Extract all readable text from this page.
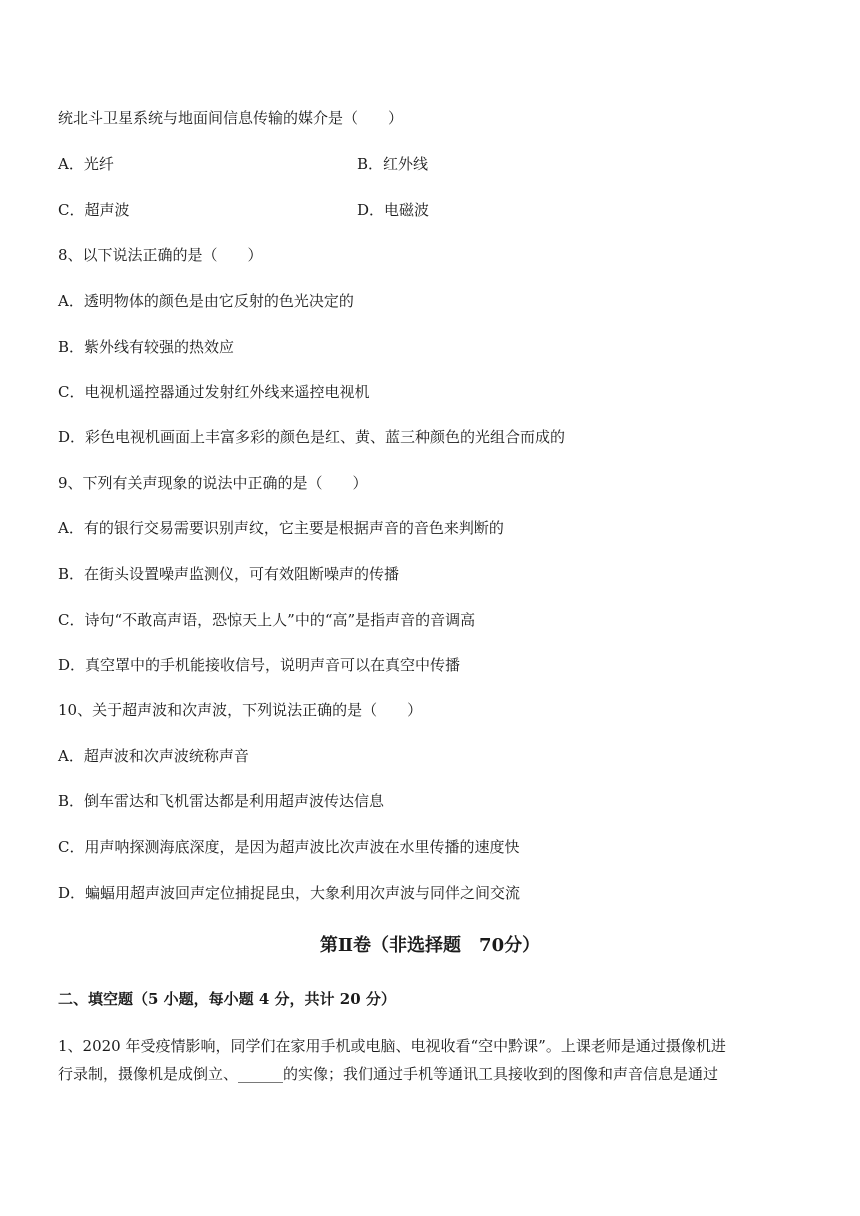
统北斗卫星系统与地面间信息传输的媒介是（　　）
A．光纤	B．红外线
C．超声波	D．电磁波
8、以下说法正确的是（　　）
A．透明物体的颜色是由它反射的色光决定的
B．紫外线有较强的热效应
C．电视机遥控器通过发射红外线来遥控电视机
D．彩色电视机画面上丰富多彩的颜色是红、黄、蓝三种颜色的光组合而成的
9、下列有关声现象的说法中正确的是（　　）
A．有的银行交易需要识别声纹，它主要是根据声音的音色来判断的
B．在街头设置噪声监测仪，可有效阻断噪声的传播
C．诗句“不敢高声语，恐惊天上人”中的“高”是指声音的音调高
D．真空罩中的手机能接收信号，说明声音可以在真空中传播
10、关于超声波和次声波，下列说法正确的是（　　）
A．超声波和次声波统称声音
B．倒车雷达和飞机雷达都是利用超声波传达信息
C．用声呐探测海底深度，是因为超声波比次声波在水里传播的速度快
D．蝙蝠用超声波回声定位捕捉昆虫，大象利用次声波与同伴之间交流
第Ⅱ卷（非选择题　70分）
二、填空题（5 小题，每小题 4 分，共计 20 分）
1、2020 年受疫情影响，同学们在家用手机或电脑、电视收看“空中黔课”。上课老师是通过摄像机进
行录制，摄像机是成倒立、______的实像；我们通过手机等通讯工具接收到的图像和声音信息是通过
